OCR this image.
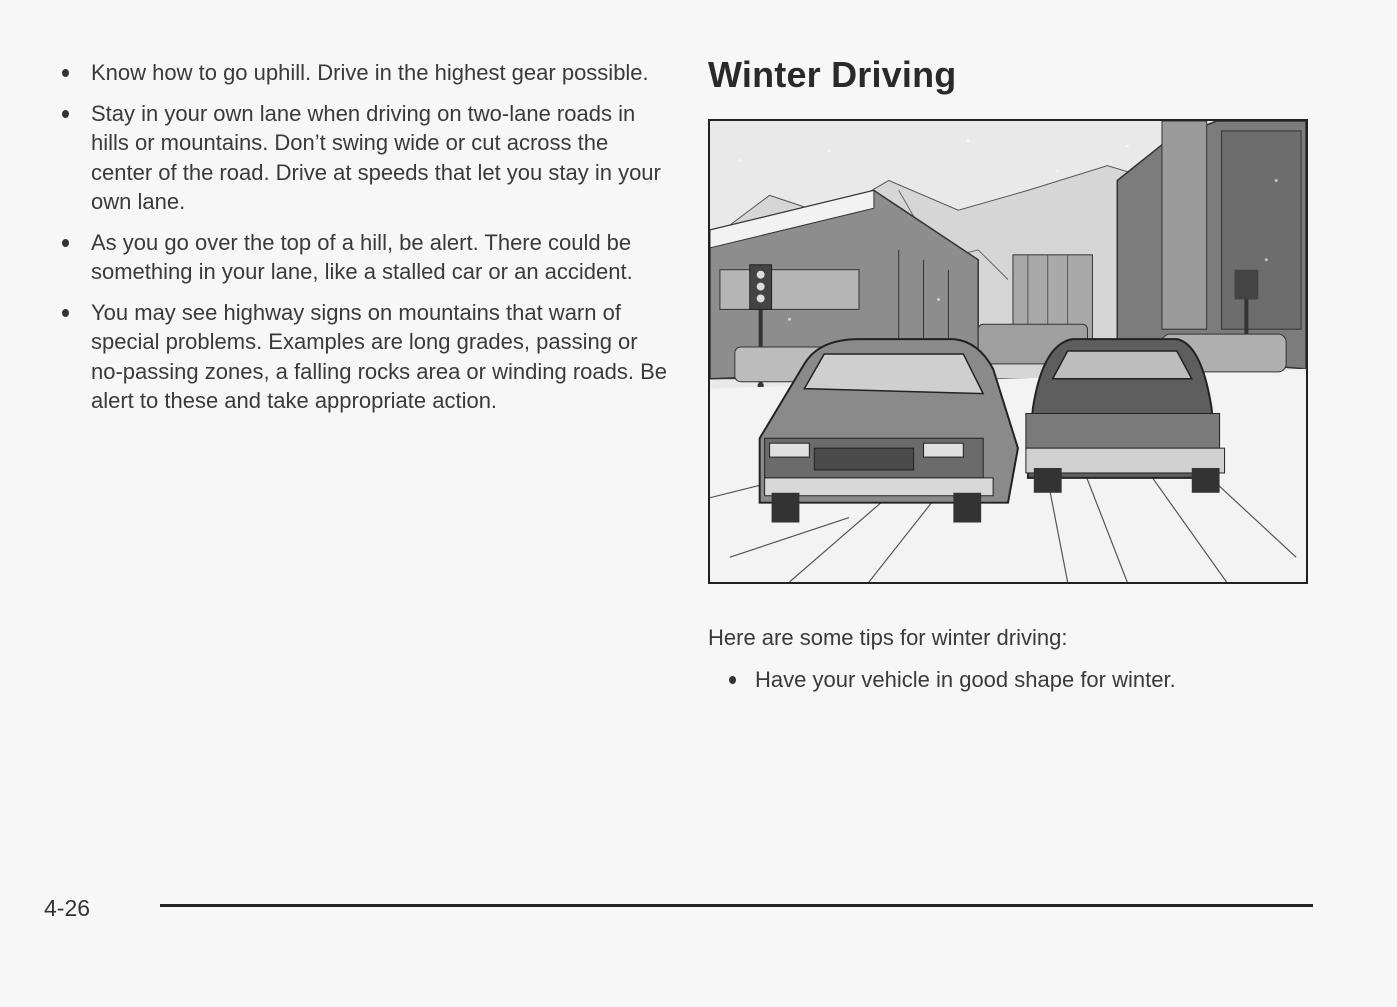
Know how to go uphill. Drive in the highest gear possible.
Stay in your own lane when driving on two-lane roads in hills or mountains. Don’t swing wide or cut across the center of the road. Drive at speeds that let you stay in your own lane.
As you go over the top of a hill, be alert. There could be something in your lane, like a stalled car or an accident.
You may see highway signs on mountains that warn of special problems. Examples are long grades, passing or no-passing zones, a falling rocks area or winding roads. Be alert to these and take appropriate action.
Winter Driving

Here are some tips for winter driving:

Have your vehicle in good shape for winter.
4-26
